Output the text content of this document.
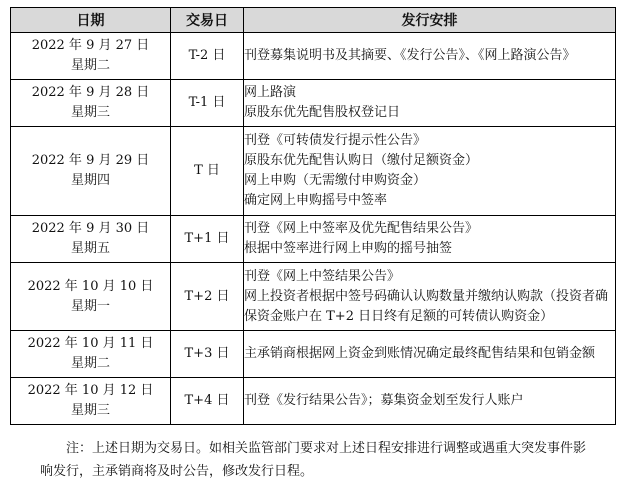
日期	交易日	发行安排

2022 年 9 月 27 日
星期二	T-2 日	刊登募集说明书及其摘要、《发行公告》、《网上路演公告》

2022 年 9 月 28 日
星期三	T-1 日	网上路演
原股东优先配售股权登记日

2022 年 9 月 29 日
星期四	T 日	刊登《可转债发行提示性公告》
原股东优先配售认购日（缴付足额资金）
网上申购（无需缴付申购资金）
确定网上申购摇号中签率

2022 年 9 月 30 日
星期五	T+1 日	刊登《网上中签率及优先配售结果公告》
根据中签率进行网上申购的摇号抽签

2022 年 10 月 10 日
星期一	T+2 日	刊登《网上中签结果公告》
网上投资者根据中签号码确认认购数量并缴纳认购款（投资者确保资金账户在 T+2 日日终有足额的可转债认购资金）

2022 年 10 月 11 日
星期二	T+3 日	主承销商根据网上资金到账情况确定最终配售结果和包销金额

2022 年 10 月 12 日
星期三	T+4 日	刊登《发行结果公告》；募集资金划至发行人账户

注：上述日期为交易日。如相关监管部门要求对上述日程安排进行调整或遇重大突发事件影响发行，主承销商将及时公告，修改发行日程。
